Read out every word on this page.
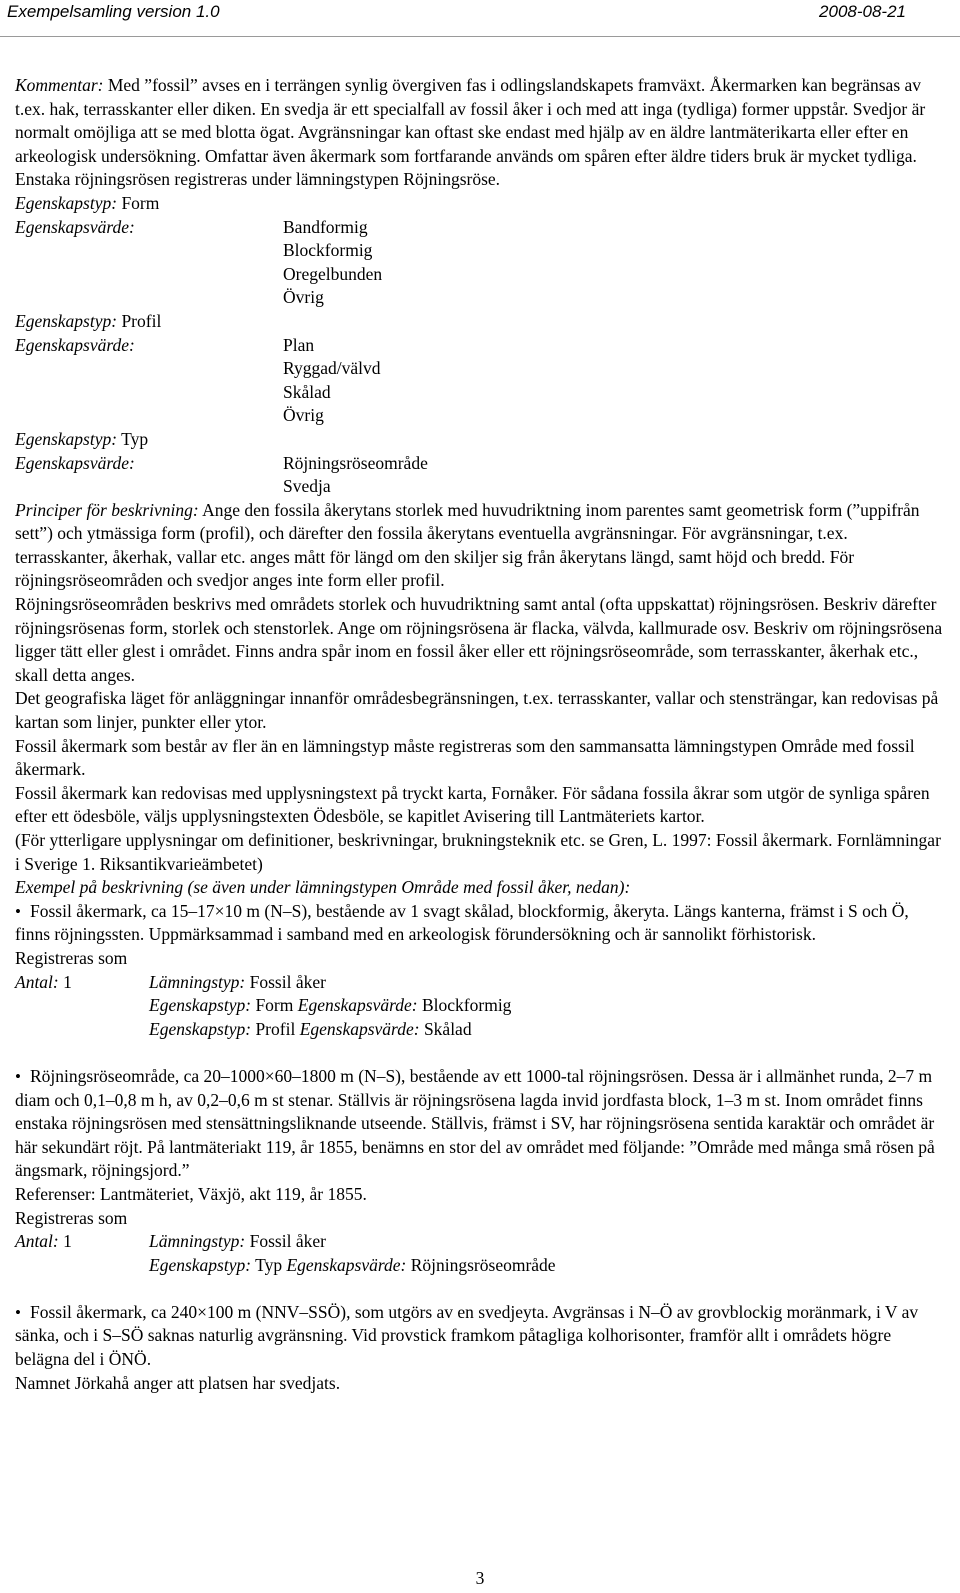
Exempelsamling version 1.0	2008-08-21

Kommentar: Med ”fossil” avses en i terrängen synlig övergiven fas i odlingslandskapets framväxt. Åkermarken kan begränsas av t.ex. hak, terrasskanter eller diken. En svedja är ett specialfall av fossil åker i och med att inga (tydliga) former uppstår. Svedjor är normalt omöjliga att se med blotta ögat. Avgränsningar kan oftast ske endast med hjälp av en äldre lantmäterikarta eller efter en arkeologisk undersökning. Omfattar även åkermark som fortfarande används om spåren efter äldre tiders bruk är mycket tydliga. Enstaka röjningsrösen registreras under lämningstypen Röjningsröse.

Egenskapstyp: Form

Egenskapsvärde:	Bandformig
Blockformig
Oregelbunden
Övrig

Egenskapstyp: Profil

Egenskapsvärde:	Plan
Ryggad/välvd
Skålad
Övrig

Egenskapstyp: Typ

Egenskapsvärde:	Röjningsröseområde
Svedja

Principer för beskrivning: Ange den fossila åkerytans storlek med huvudriktning inom parentes samt geometrisk form (”uppifrån sett”) och ytmässiga form (profil), och därefter den fossila åkerytans eventuella avgränsningar. För avgränsningar, t.ex. terrasskanter, åkerhak, vallar etc. anges mått för längd om den skiljer sig från åkerytans längd, samt höjd och bredd. För röjningsröseområden och svedjor anges inte form eller profil.

Röjningsröseområden beskrivs med områdets storlek och huvudriktning samt antal (ofta uppskattat) röjningsrösen. Beskriv därefter röjningsrösenas form, storlek och stenstorlek. Ange om röjningsrösena är flacka, välvda, kallmurade osv. Beskriv om röjningsrösena ligger tätt eller glest i området. Finns andra spår inom en fossil åker eller ett röjningsröseområde, som terrasskanter, åkerhak etc., skall detta anges.

Det geografiska läget för anläggningar innanför områdesbegränsningen, t.ex. terrasskanter, vallar och stensträngar, kan redovisas på kartan som linjer, punkter eller ytor.

Fossil åkermark som består av fler än en lämningstyp måste registreras som den sammansatta lämningstypen Område med fossil åkermark.

Fossil åkermark kan redovisas med upplysningstext på tryckt karta, Fornåker. För sådana fossila åkrar som utgör de synliga spåren efter ett ödesböle, väljs upplysningstexten Ödesböle, se kapitlet Avisering till Lantmäteriets kartor.

(För ytterligare upplysningar om definitioner, beskrivningar, brukningsteknik etc. se Gren, L. 1997: Fossil åkermark. Fornlämningar i Sverige 1. Riksantikvarieämbetet)

Exempel på beskrivning (se även under lämningstypen Område med fossil åker, nedan):

• Fossil åkermark, ca 15–17×10 m (N–S), bestående av 1 svagt skålad, blockformig, åkeryta. Längs kanterna, främst i S och Ö, finns röjningssten. Uppmärksammad i samband med en arkeologisk förundersökning och är sannolikt förhistorisk.

Registreras som

Antal: 1	Lämningstyp: Fossil åker
Egenskapstyp: Form Egenskapsvärde: Blockformig
Egenskapstyp: Profil Egenskapsvärde: Skålad

• Röjningsröseområde, ca 20–1000×60–1800 m (N–S), bestående av ett 1000-tal röjningsrösen. Dessa är i allmänhet runda, 2–7 m diam och 0,1–0,8 m h, av 0,2–0,6 m st stenar. Ställvis är röjningsrösena lagda invid jordfasta block, 1–3 m st. Inom området finns enstaka röjningsrösen med stensättningsliknande utseende. Ställvis, främst i SV, har röjningsrösena sentida karaktär och området är här sekundärt röjt. På lantmäteriakt 119, år 1855, benämns en stor del av området med följande: ”Område med många små rösen på ängsmark, röjningsjord.”

Referenser: Lantmäteriet, Växjö, akt 119, år 1855.

Registreras som

Antal: 1	Lämningstyp: Fossil åker
Egenskapstyp: Typ Egenskapsvärde: Röjningsröseområde

• Fossil åkermark, ca 240×100 m (NNV–SSÖ), som utgörs av en svedjeyta. Avgränsas i N–Ö av grovblockig moränmark, i V av sänka, och i S–SÖ saknas naturlig avgränsning. Vid provstick framkom påtagliga kolhorisonter, framför allt i områdets högre belägna del i ÖNÖ.

Namnet Jörkahå anger att platsen har svedjats.

3
